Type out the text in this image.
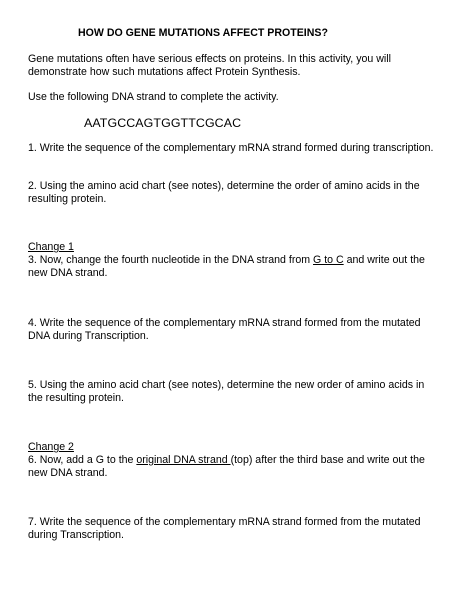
HOW DO GENE MUTATIONS AFFECT PROTEINS?

Gene mutations often have serious effects on proteins. In this activity, you will

demonstrate how such mutations affect Protein Synthesis.

Use the following DNA strand to complete the activity.

AATGCCAGTGGTTCGCAC

1. Write the sequence of the complementary mRNA strand formed during transcription.

2. Using the amino acid chart (see notes), determine the order of amino acids in the

resulting protein.

Change 1

3. Now, change the fourth nucleotide in the DNA strand from G to C and write out the

new DNA strand.

4. Write the sequence of the complementary mRNA strand formed from the mutated

DNA during Transcription.

5. Using the amino acid chart (see notes), determine the new order of amino acids in

the resulting protein.

Change 2

6. Now, add a G to the original DNA strand (top) after the third base and write out the

new DNA strand.

7. Write the sequence of the complementary mRNA strand formed from the mutated

during Transcription.
